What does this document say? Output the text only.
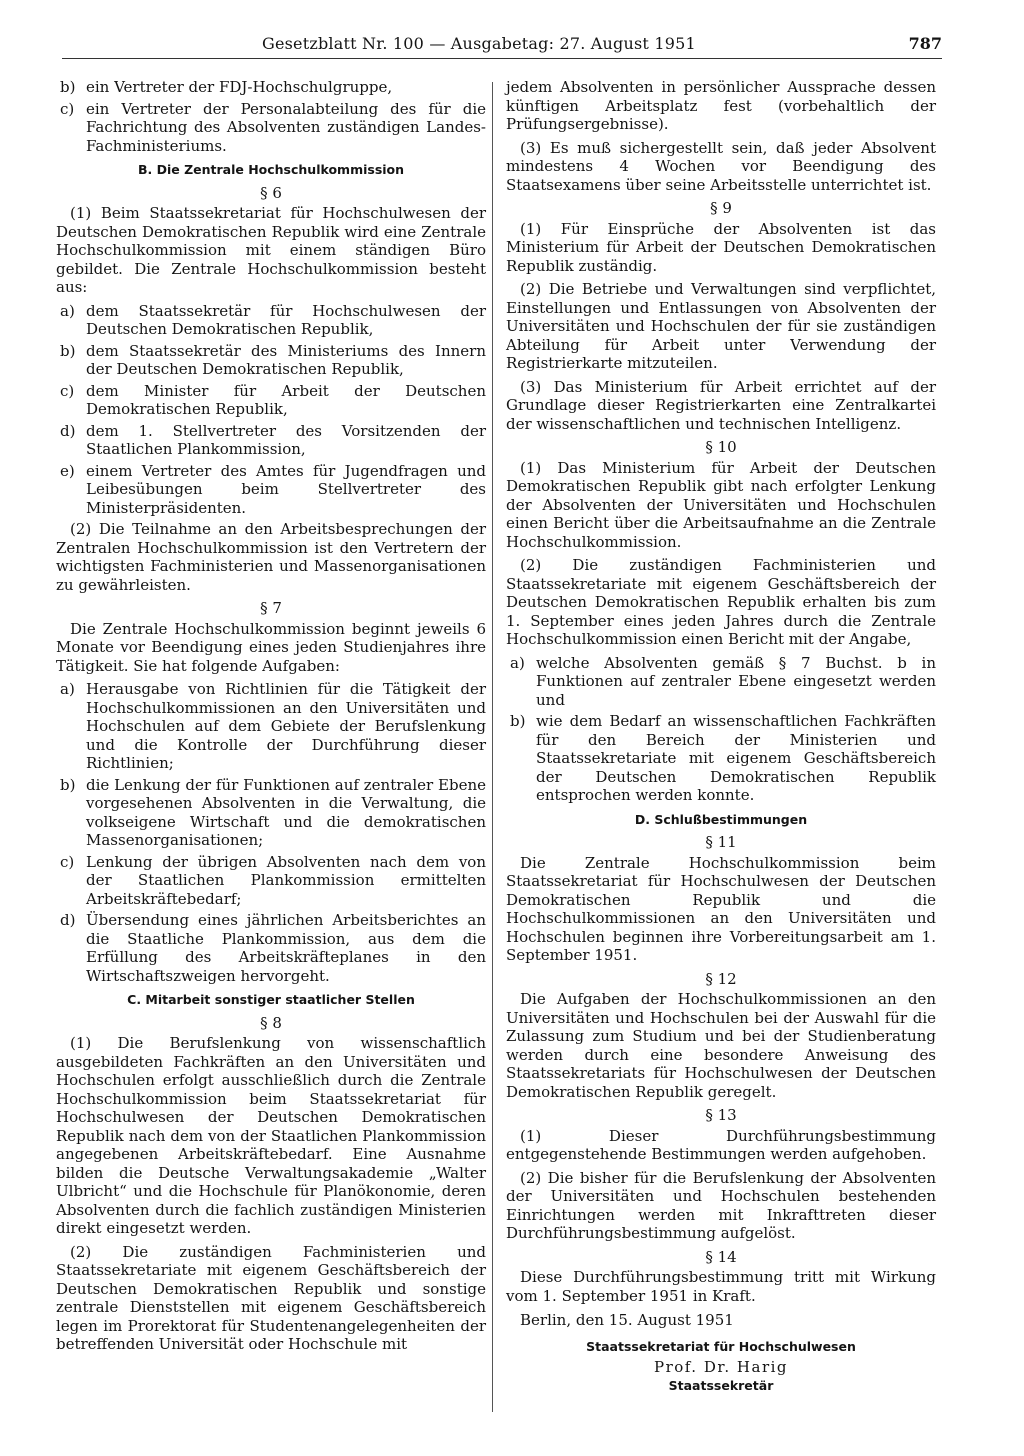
Gesetzblatt Nr. 100 — Ausgabetag: 27. August 1951	787
b) ein Vertreter der FDJ-Hochschulgruppe,
c) ein Vertreter der Personalabteilung des für die Fachrichtung des Absolventen zuständigen Landes-Fachministeriums.
B. Die Zentrale Hochschulkommission
§ 6

(1) Beim Staatssekretariat für Hochschulwesen der Deutschen Demokratischen Republik wird eine Zentrale Hochschulkommission mit einem ständigen Büro gebildet. Die Zentrale Hochschulkommission besteht aus:

a) dem Staatssekretär für Hochschulwesen der Deutschen Demokratischen Republik,
b) dem Staatssekretär des Ministeriums des Innern der Deutschen Demokratischen Republik,
c) dem Minister für Arbeit der Deutschen Demokratischen Republik,
d) dem 1. Stellvertreter des Vorsitzenden der Staatlichen Plankommission,
e) einem Vertreter des Amtes für Jugendfragen und Leibesübungen beim Stellvertreter des Ministerpräsidenten.

(2) Die Teilnahme an den Arbeitsbesprechungen der Zentralen Hochschulkommission ist den Vertretern der wichtigsten Fachministerien und Massenorganisationen zu gewährleisten.

§ 7

Die Zentrale Hochschulkommission beginnt jeweils 6 Monate vor Beendigung eines jeden Studienjahres ihre Tätigkeit. Sie hat folgende Aufgaben:

a) Herausgabe von Richtlinien für die Tätigkeit der Hochschulkommissionen an den Universitäten und Hochschulen auf dem Gebiete der Berufslenkung und die Kontrolle der Durchführung dieser Richtlinien;
b) die Lenkung der für Funktionen auf zentraler Ebene vorgesehenen Absolventen in die Verwaltung, die volkseigene Wirtschaft und die demokratischen Massenorganisationen;
c) Lenkung der übrigen Absolventen nach dem von der Staatlichen Plankommission ermittelten Arbeitskräftebedarf;
d) Übersendung eines jährlichen Arbeitsberichtes an die Staatliche Plankommission, aus dem die Erfüllung des Arbeitskräfteplanes in den Wirtschaftszweigen hervorgeht.
C. Mitarbeit sonstiger staatlicher Stellen
§ 8

(1) Die Berufslenkung von wissenschaftlich ausgebildeten Fachkräften an den Universitäten und Hochschulen erfolgt ausschließlich durch die Zentrale Hochschulkommission beim Staatssekretariat für Hochschulwesen der Deutschen Demokratischen Republik nach dem von der Staatlichen Plankommission angegebenen Arbeitskräftebedarf. Eine Ausnahme bilden die Deutsche Verwaltungsakademie „Walter Ulbricht“ und die Hochschule für Planökonomie, deren Absolventen durch die fachlich zuständigen Ministerien direkt eingesetzt werden.

(2) Die zuständigen Fachministerien und Staatssekretariate mit eigenem Geschäftsbereich der Deutschen Demokratischen Republik und sonstige zentrale Dienststellen mit eigenem Geschäftsbereich legen im Prorektorat für Studentenangelegenheiten der betreffenden Universität oder Hochschule mit

jedem Absolventen in persönlicher Aussprache dessen künftigen Arbeitsplatz fest (vorbehaltlich der Prüfungsergebnisse).

(3) Es muß sichergestellt sein, daß jeder Absolvent mindestens 4 Wochen vor Beendigung des Staatsexamens über seine Arbeitsstelle unterrichtet ist.

§ 9

(1) Für Einsprüche der Absolventen ist das Ministerium für Arbeit der Deutschen Demokratischen Republik zuständig.

(2) Die Betriebe und Verwaltungen sind verpflichtet, Einstellungen und Entlassungen von Absolventen der Universitäten und Hochschulen der für sie zuständigen Abteilung für Arbeit unter Verwendung der Registrierkarte mitzuteilen.

(3) Das Ministerium für Arbeit errichtet auf der Grundlage dieser Registrierkarten eine Zentralkartei der wissenschaftlichen und technischen Intelligenz.

§ 10

(1) Das Ministerium für Arbeit der Deutschen Demokratischen Republik gibt nach erfolgter Lenkung der Absolventen der Universitäten und Hochschulen einen Bericht über die Arbeitsaufnahme an die Zentrale Hochschulkommission.

(2) Die zuständigen Fachministerien und Staatssekretariate mit eigenem Geschäftsbereich der Deutschen Demokratischen Republik erhalten bis zum 1. September eines jeden Jahres durch die Zentrale Hochschulkommission einen Bericht mit der Angabe,

a) welche Absolventen gemäß § 7 Buchst. b in Funktionen auf zentraler Ebene eingesetzt werden und
b) wie dem Bedarf an wissenschaftlichen Fachkräften für den Bereich der Ministerien und Staatssekretariate mit eigenem Geschäftsbereich der Deutschen Demokratischen Republik entsprochen werden konnte.
D. Schlußbestimmungen
§ 11

Die Zentrale Hochschulkommission beim Staatssekretariat für Hochschulwesen der Deutschen Demokratischen Republik und die Hochschulkommissionen an den Universitäten und Hochschulen beginnen ihre Vorbereitungsarbeit am 1. September 1951.

§ 12

Die Aufgaben der Hochschulkommissionen an den Universitäten und Hochschulen bei der Auswahl für die Zulassung zum Studium und bei der Studienberatung werden durch eine besondere Anweisung des Staatssekretariats für Hochschulwesen der Deutschen Demokratischen Republik geregelt.

§ 13

(1) Dieser Durchführungsbestimmung entgegenstehende Bestimmungen werden aufgehoben.

(2) Die bisher für die Berufslenkung der Absolventen der Universitäten und Hochschulen bestehenden Einrichtungen werden mit Inkrafttreten dieser Durchführungsbestimmung aufgelöst.

§ 14

Diese Durchführungsbestimmung tritt mit Wirkung vom 1. September 1951 in Kraft.

Berlin, den 15. August 1951

Staatssekretariat für Hochschulwesen
Prof. Dr. Harig
Staatssekretär
